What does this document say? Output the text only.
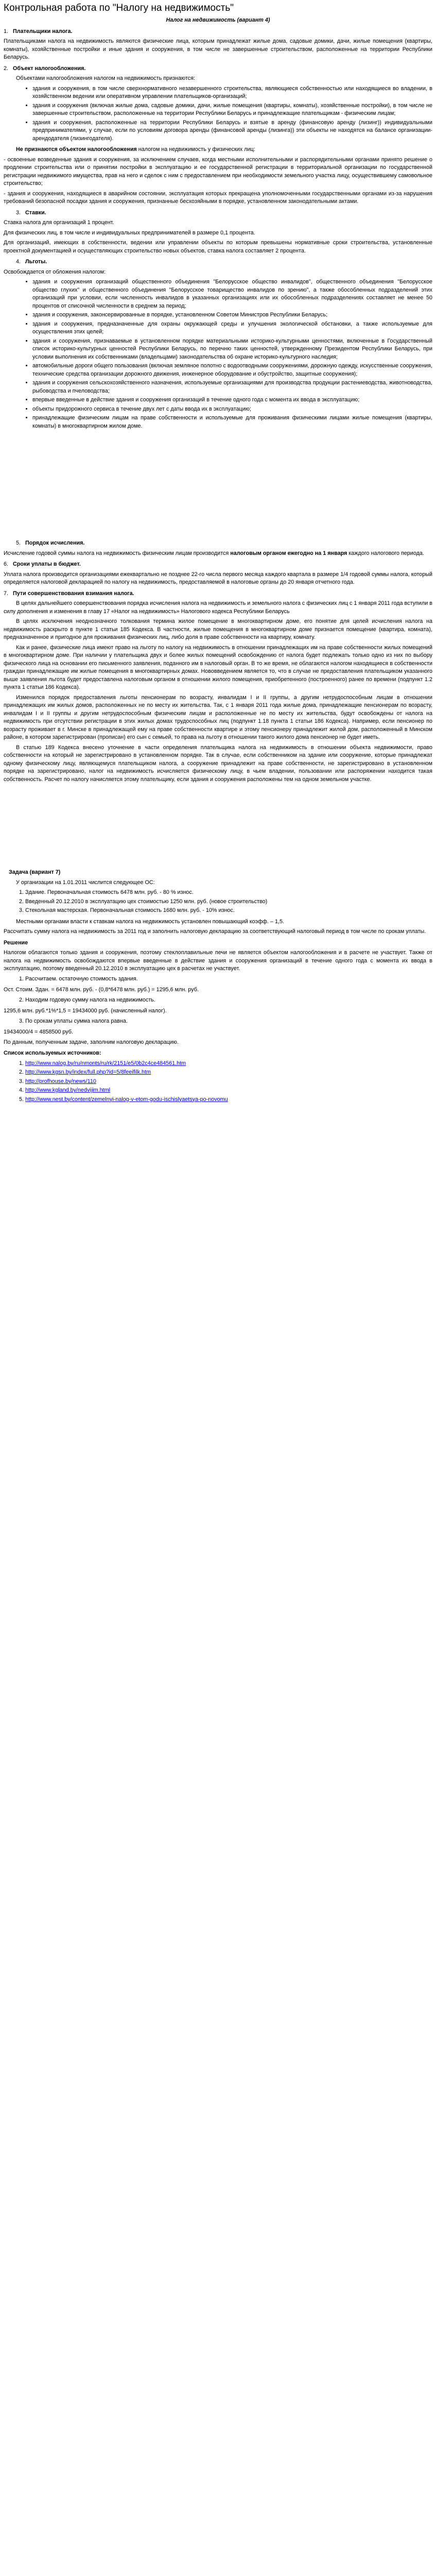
Контрольная работа по "Налогу на недвижимость"
Налог на недвижимость (вариант 4)
1. Плательщики налога.

Плательщиками налога на недвижимость являются физические лица, которым принадлежат жилые дома, садовые домики, дачи, жилые помещения (квартиры, комнаты), хозяйственные постройки и иные здания и сооружения, в том числе не завершенные строительством, расположенные на территории Республики Беларусь.

2. Объект налогообложения.

Объектами налогообложения налогом на недвижимость признаются:

• здания и сооружения, в том числе сверхнормативного незавершенного строительства, являющиеся собственностью или находящиеся во владении, в хозяйственном ведении или оперативном управлении плательщиков-организаций;
• здания и сооружения (включая жилые дома, садовые домики, дачи, жилые помещения (квартиры, комнаты), хозяйственные постройки), в том числе не завершенные строительством, расположенные на территории Республики Беларусь и принадлежащие плательщикам - физическим лицам;
• здания и сооружения, расположенные на территории Республики Беларусь и взятые в аренду (финансовую аренду (лизинг)) индивидуальными предпринимателями, у случае, если по условиям договора аренды (финансовой аренды (лизинга)) эти объекты не находятся на балансе организации-арендодателя (лизингодателя).

Не признаются объектом налогообложения налогом на недвижимость у физических лиц:

- освоенные возведенные здания и сооружения, за исключением случаев, когда местными исполнительными и распорядительными органами принято решение о продлении строительства или о принятии постройки в эксплуатацию и ее государственной регистрации в территориальной организации по государственной регистрации недвижимого имущества, прав на него и сделок с ним с предоставлением при необходимости земельного участка лицу, осуществившему самовольное строительство;

- здания и сооружения, находящиеся в аварийном состоянии, эксплуатация которых прекращена уполномоченными государственными органами из-за нарушения требований безопасной посадки здания и сооружения, признанные бесхозяйными в порядке, установленном законодательными актами.

3. Ставки.

Ставка налога для организаций 1 процент.

Для физических лиц, в том числе и индивидуальных предпринимателей в размере 0,1 процента.

Для организаций, имеющих в собственности, ведении или управлении объекты по которым превышены нормативные сроки строительства, установленные проектной документацией и осуществляющих строительство новых объектов, ставка налога составляет 2 процента.

4. Льготы.

Освобождается от обложения налогом:

• здания и сооружения организаций общественного объединения "Белорусское общество инвалидов", общественного объединения "Белорусское общество глухих" и общественного объединения "Белорусское товарищество инвалидов по зрению", а также обособленных подразделений этих организаций при условии, если численность инвалидов в указанных организациях или их обособленных подразделениях составляет не менее 50 процентов от списочной численности в среднем за период;
• здания и сооружения, законсервированные в порядке, установленном Советом Министров Республики Беларусь;
• здания и сооружения, предназначенные для охраны окружающей среды и улучшения экологической обстановки, а также используемые для осуществления этих целей;
• здания и сооружения, признаваемые в установленном порядке материальными историко-культурными ценностями, включенные в Государственный список историко-культурных ценностей Республики Беларусь, по перечню таких ценностей, утвержденному Президентом Республики Беларусь, при условии выполнения их собственниками (владельцами) законодательства об охране историко-культурного наследия;
• автомобильные дороги общего пользования (включая земляное полотно с водоотводными сооружениями, дорожную одежду, искусственные сооружения, технические средства организации дорожного движения, инженерное оборудование и обустройство, защитные сооружения);
• здания и сооружения сельскохозяйственного назначения, используемые организациями для производства продукции растениеводства, животноводства, рыбоводства и пчеловодства;
• впервые введенные в действие здания и сооружения организаций в течение одного года с момента их ввода в эксплуатацию;
• объекты придорожного сервиса в течение двух лет с даты ввода их в эксплуатацию;
• принадлежащие физическим лицам на праве собственности и используемые для проживания физическими лицами жилые помещения (квартиры, комнаты) в многоквартирном жилом доме.
5. Порядок исчисления.

Исчисление годовой суммы налога на недвижимость физическим лицам производится налоговым органом ежегодно на 1 января каждого налогового периода.

6. Сроки уплаты в бюджет.

Уплата налога производится организациями ежеквартально не позднее 22-го числа первого месяца каждого квартала в размере 1/4 годовой суммы налога, который определяется налоговой декларацией по налогу на недвижимость, предоставляемой в налоговые органы до 20 января отчетного года.

7. Пути совершенствования взимания налога.

В целях дальнейшего совершенствования порядка исчисления налога на недвижимость и земельного налога с физических лиц с 1 января 2011 года вступили в силу дополнения и изменения в главу 17 «Налог на недвижимость» Налогового кодекса Республики Беларусь

В целях исключения неоднозначного толкования термина жилое помещение в многоквартирном доме, его понятие для целей исчисления налога на недвижимость раскрыто в пункте 1 статьи 185 Кодекса. В частности, жилые помещения в многоквартирном доме признается помещение (квартира, комната), предназначенное и пригодное для проживания физических лиц, либо доля в праве собственности на квартиру, комнату.

Как и ранее, физические лица имеют право на льготу по налогу на недвижимость в отношении принадлежащих им на праве собственности жилых помещений в многоквартирном доме. При наличии у плательщика двух и более жилых помещений освобождению от налога будет подлежать только одно из них по выбору физического лица на основании его письменного заявления, поданного им в налоговый орган. В то же время, не облагаются налогом находящиеся в собственности граждан принадлежащие им жилые помещения в многоквартирных домах. Нововведением является то, что в случае не предоставления плательщиком указанного выше заявления льгота будет предоставлена налоговым органом в отношении жилого помещения, приобретенного (построенного) ранее по времени (подпункт 1.2 пункта 1 статьи 186 Кодекса).

Изменился порядок предоставления льготы пенсионерам по возрасту, инвалидам I и II группы, а другим нетрудоспособным лицам в отношении принадлежащих им жилых домов, расположенных не по месту их жительства. Так, с 1 января 2011 года жилые дома, принадлежащие пенсионерам по возрасту, инвалидам I и II группы и другим нетрудоспособным физическим лицам и расположенные не по месту их жительства, будут освобождены от налога на недвижимость при отсутствии регистрации в этих жилых домах трудоспособных лиц (подпункт 1.18 пункта 1 статьи 186 Кодекса). Например, если пенсионер по возрасту проживает в г. Минске в принадлежащей ему на праве собственности квартире и этому пенсионеру принадлежит жилой дом, расположенный в Минском районе, в котором зарегистрирован (прописан) его сын с семьей, то права на льготу в отношении такого жилого дома пенсионер не будет иметь.

В статью 189 Кодекса внесено уточнение в части определения плательщика налога на недвижимость в отношении объекта недвижимости, право собственности на который не зарегистрировано в установленном порядке. Так в случае, если собственником на здание или сооружение, которые принадлежат одному физическому лицу, являющемуся плательщиком налога, а сооружение принадлежит на праве собственности, не зарегистрировано в установленном порядке на зарегистрировано, налог на недвижимость исчисляется физическому лицу, в чьем владении, пользовании или распоряжении находится такая собственность. Расчет по налогу начисляется этому плательщику, если здания и сооружения расположены тем на одном земельном участке.

Задача (вариант 7)

У организации на 1.01.2011 числится следующее ОС:

1. Здание. Первоначальная стоимость 6478 млн. руб. - 80 % износ.
2. Введенный 20.12.2010 в эксплуатацию цех стоимостью 1250 млн. руб. (новое строительство)
3. Стекольная мастерская. Первоначальная стоимость 1680 млн. руб. - 10% износ.

Местными органами власти к ставкам налога на недвижимость установлен повышающий коэфф. – 1,5.

Рассчитать сумму налога на недвижимость за 2011 год и заполнить налоговую декларацию за соответствующий налоговый период в том числе по срокам уплаты.

Решение

Налогом облагаются только здания и сооружения, поэтому стеклоплавильные печи не является объектом налогообложения и в расчете не участвует. Также от налога на недвижимость освобождаются впервые введенные в действие здания и сооружения организаций в течение одного года с момента их ввода в эксплуатацию, поэтому введенный 20.12.2010 в эксплуатацию цех в расчетах не участвует.

1. Рассчитаем. остаточную стоимость здания.

Ост. Стоим. Здан. = 6478 млн. руб. - (0,8*6478 млн. руб.) = 1295,6 млн. руб.

2. Находим годовую сумму налога на недвижимость.

1295,6 млн. руб.*1%*1,5 = 19434000 руб. (начисленный налог).

3. По срокам уплаты сумма налога равна.

19434000/4 = 4858500 руб.

По данным, полученным задаче, заполним налоговую декларацию.

Список используемых источников:
1. http://www.nalog.by/ru/nmonts/ru/rk/2151/e5/0b2c4ce484561.htm
2. http://www.kgsn.by/index/full.php?id=5/8feeifilk.htm
3. http://profhouse.by/news/110
4. http://www.kgland.by/nedvijim.html
5. http://www.nest.by/content/zemelnyi-nalog-v-etom-godu-ischislyaetsya-po-novomu
